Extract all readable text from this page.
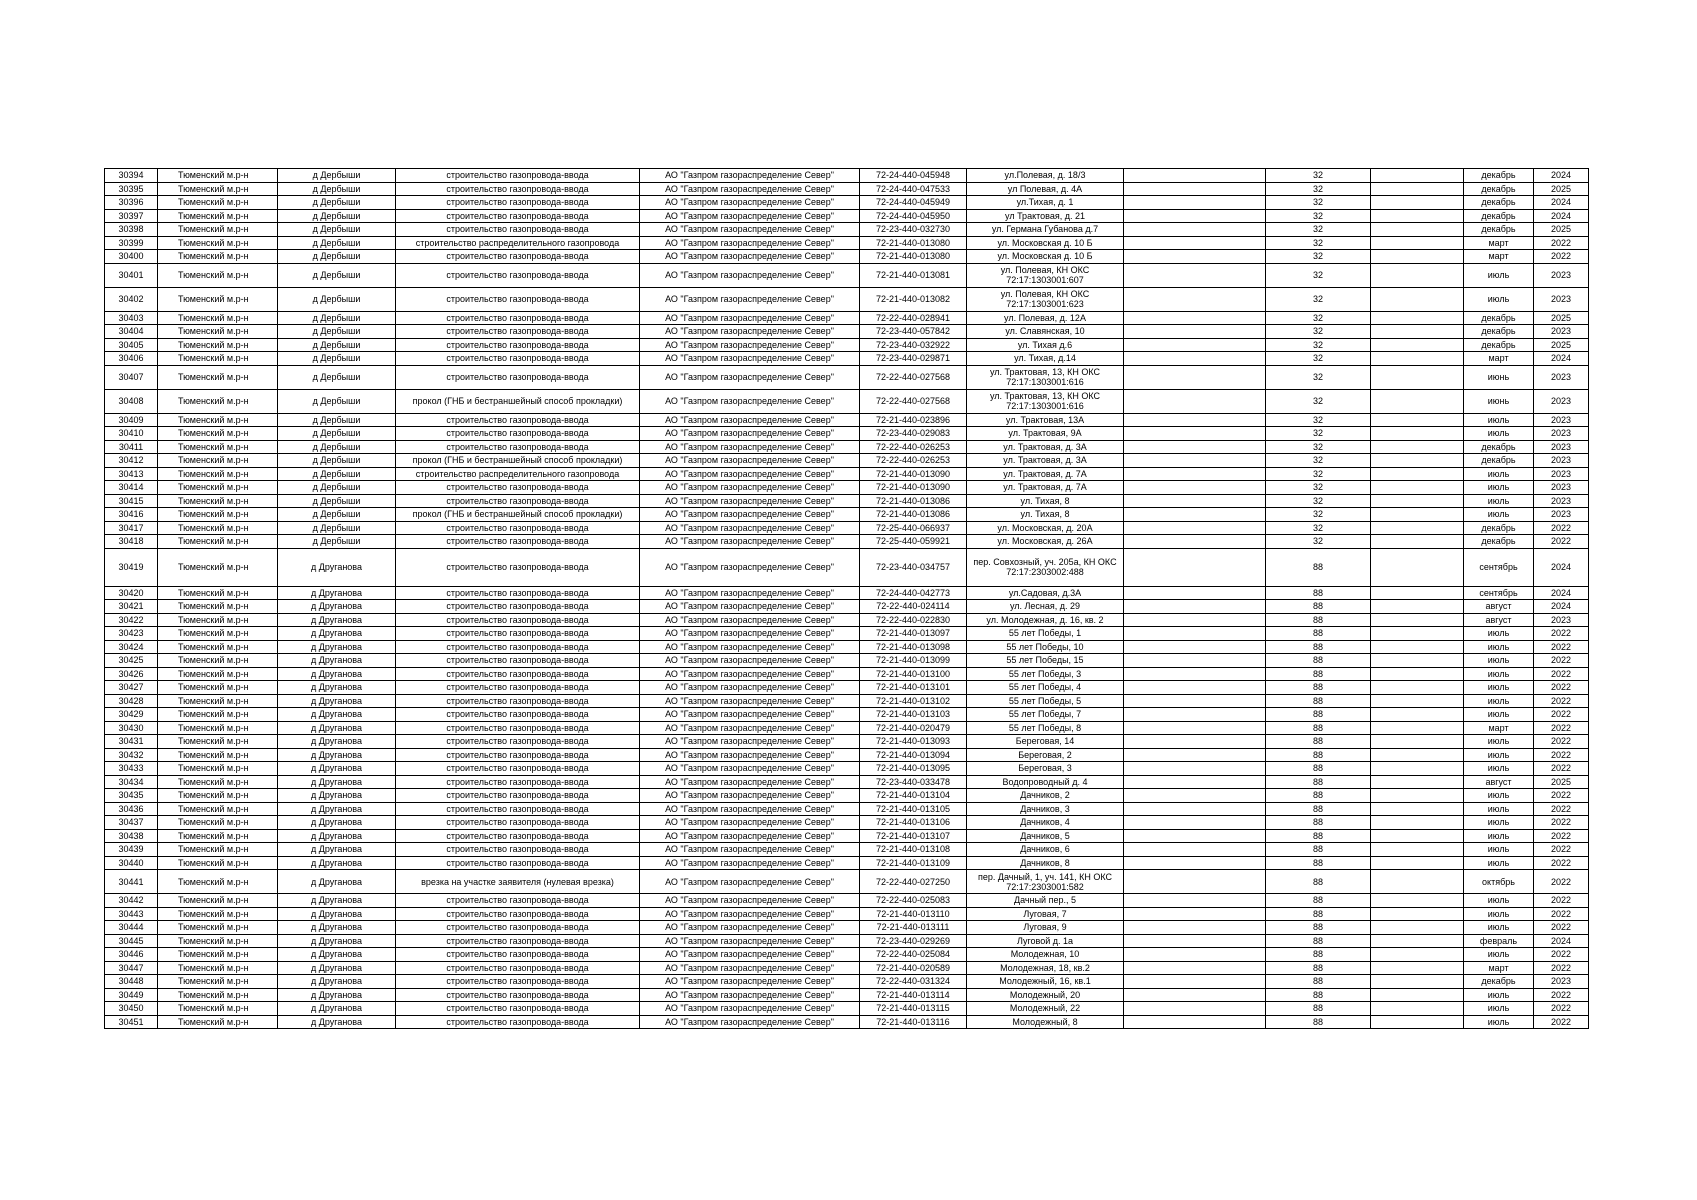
30394	Тюменский м.р-н	д Дербыши	строительство газопровода-ввода	АО "Газпром газораспределение Север"	72-24-440-045948	ул.Полевая, д. 18/3		32		декабрь	2024
30395	Тюменский м.р-н	д Дербыши	строительство газопровода-ввода	АО "Газпром газораспределение Север"	72-24-440-047533	ул Полевая, д. 4А		32		декабрь	2025
30396	Тюменский м.р-н	д Дербыши	строительство газопровода-ввода	АО "Газпром газораспределение Север"	72-24-440-045949	ул.Тихая, д. 1		32		декабрь	2024
30397	Тюменский м.р-н	д Дербыши	строительство газопровода-ввода	АО "Газпром газораспределение Север"	72-24-440-045950	ул Трактовая, д. 21		32		декабрь	2024
30398	Тюменский м.р-н	д Дербыши	строительство газопровода-ввода	АО "Газпром газораспределение Север"	72-23-440-032730	ул. Германа Губанова д.7		32		декабрь	2025
30399	Тюменский м.р-н	д Дербыши	строительство распределительного газопровода	АО "Газпром газораспределение Север"	72-21-440-013080	ул. Московская д. 10 Б		32		март	2022
30400	Тюменский м.р-н	д Дербыши	строительство газопровода-ввода	АО "Газпром газораспределение Север"	72-21-440-013080	ул. Московская д. 10 Б		32		март	2022
30401	Тюменский м.р-н	д Дербыши	строительство газопровода-ввода	АО "Газпром газораспределение Север"	72-21-440-013081	ул. Полевая, КН ОКС 72:17:1303001:607		32		июль	2023
30402	Тюменский м.р-н	д Дербыши	строительство газопровода-ввода	АО "Газпром газораспределение Север"	72-21-440-013082	ул. Полевая, КН ОКС 72:17:1303001:623		32		июль	2023
30403	Тюменский м.р-н	д Дербыши	строительство газопровода-ввода	АО "Газпром газораспределение Север"	72-22-440-028941	ул. Полевая, д. 12А		32		декабрь	2025
30404	Тюменский м.р-н	д Дербыши	строительство газопровода-ввода	АО "Газпром газораспределение Север"	72-23-440-057842	ул. Славянская, 10		32		декабрь	2023
30405	Тюменский м.р-н	д Дербыши	строительство газопровода-ввода	АО "Газпром газораспределение Север"	72-23-440-032922	ул. Тихая д.6		32		декабрь	2025
30406	Тюменский м.р-н	д Дербыши	строительство газопровода-ввода	АО "Газпром газораспределение Север"	72-23-440-029871	ул. Тихая, д.14		32		март	2024
30407	Тюменский м.р-н	д Дербыши	строительство газопровода-ввода	АО "Газпром газораспределение Север"	72-22-440-027568	ул. Трактовая, 13, КН ОКС 72:17:1303001:616		32		июнь	2023
30408	Тюменский м.р-н	д Дербыши	прокол (ГНБ и бестраншейный способ прокладки)	АО "Газпром газораспределение Север"	72-22-440-027568	ул. Трактовая, 13, КН ОКС 72:17:1303001:616		32		июнь	2023
30409	Тюменский м.р-н	д Дербыши	строительство газопровода-ввода	АО "Газпром газораспределение Север"	72-21-440-023896	ул. Трактовая, 13А		32		июль	2023
30410	Тюменский м.р-н	д Дербыши	строительство газопровода-ввода	АО "Газпром газораспределение Север"	72-23-440-029083	ул. Трактовая, 9А		32		июль	2023
30411	Тюменский м.р-н	д Дербыши	строительство газопровода-ввода	АО "Газпром газораспределение Север"	72-22-440-026253	ул. Трактовая, д. 3А		32		декабрь	2023
30412	Тюменский м.р-н	д Дербыши	прокол (ГНБ и бестраншейный способ прокладки)	АО "Газпром газораспределение Север"	72-22-440-026253	ул. Трактовая, д. 3А		32		декабрь	2023
30413	Тюменский м.р-н	д Дербыши	строительство распределительного газопровода	АО "Газпром газораспределение Север"	72-21-440-013090	ул. Трактовая, д. 7А		32		июль	2023
30414	Тюменский м.р-н	д Дербыши	строительство газопровода-ввода	АО "Газпром газораспределение Север"	72-21-440-013090	ул. Трактовая, д. 7А		32		июль	2023
30415	Тюменский м.р-н	д Дербыши	строительство газопровода-ввода	АО "Газпром газораспределение Север"	72-21-440-013086	ул. Тихая, 8		32		июль	2023
30416	Тюменский м.р-н	д Дербыши	прокол (ГНБ и бестраншейный способ прокладки)	АО "Газпром газораспределение Север"	72-21-440-013086	ул. Тихая, 8		32		июль	2023
30417	Тюменский м.р-н	д Дербыши	строительство газопровода-ввода	АО "Газпром газораспределение Север"	72-25-440-066937	ул. Московская, д. 20А		32		декабрь	2022
30418	Тюменский м.р-н	д Дербыши	строительство газопровода-ввода	АО "Газпром газораспределение Север"	72-25-440-059921	ул. Московская, д. 26А		32		декабрь	2022
30419	Тюменский м.р-н	д Друганова	строительство газопровода-ввода	АО "Газпром газораспределение Север"	72-23-440-034757	пер. Совхозный, уч. 205а, КН ОКС 72:17:2303002:488		88		сентябрь	2024
30420	Тюменский м.р-н	д Друганова	строительство газопровода-ввода	АО "Газпром газораспределение Север"	72-24-440-042773	ул.Садовая, д.3А		88		сентябрь	2024
30421	Тюменский м.р-н	д Друганова	строительство газопровода-ввода	АО "Газпром газораспределение Север"	72-22-440-024114	ул. Лесная, д. 29		88		август	2024
30422	Тюменский м.р-н	д Друганова	строительство газопровода-ввода	АО "Газпром газораспределение Север"	72-22-440-022830	ул. Молодежная, д. 16, кв. 2		88		август	2023
30423	Тюменский м.р-н	д Друганова	строительство газопровода-ввода	АО "Газпром газораспределение Север"	72-21-440-013097	55 лет Победы, 1		88		июль	2022
30424	Тюменский м.р-н	д Друганова	строительство газопровода-ввода	АО "Газпром газораспределение Север"	72-21-440-013098	55 лет Победы, 10		88		июль	2022
30425	Тюменский м.р-н	д Друганова	строительство газопровода-ввода	АО "Газпром газораспределение Север"	72-21-440-013099	55 лет Победы, 15		88		июль	2022
30426	Тюменский м.р-н	д Друганова	строительство газопровода-ввода	АО "Газпром газораспределение Север"	72-21-440-013100	55 лет Победы, 3		88		июль	2022
30427	Тюменский м.р-н	д Друганова	строительство газопровода-ввода	АО "Газпром газораспределение Север"	72-21-440-013101	55 лет Победы, 4		88		июль	2022
30428	Тюменский м.р-н	д Друганова	строительство газопровода-ввода	АО "Газпром газораспределение Север"	72-21-440-013102	55 лет Победы, 5		88		июль	2022
30429	Тюменский м.р-н	д Друганова	строительство газопровода-ввода	АО "Газпром газораспределение Север"	72-21-440-013103	55 лет Победы, 7		88		июль	2022
30430	Тюменский м.р-н	д Друганова	строительство газопровода-ввода	АО "Газпром газораспределение Север"	72-21-440-020479	55 лет Победы, 8		88		март	2022
30431	Тюменский м.р-н	д Друганова	строительство газопровода-ввода	АО "Газпром газораспределение Север"	72-21-440-013093	Береговая, 14		88		июль	2022
30432	Тюменский м.р-н	д Друганова	строительство газопровода-ввода	АО "Газпром газораспределение Север"	72-21-440-013094	Береговая, 2		88		июль	2022
30433	Тюменский м.р-н	д Друганова	строительство газопровода-ввода	АО "Газпром газораспределение Север"	72-21-440-013095	Береговая, 3		88		июль	2022
30434	Тюменский м.р-н	д Друганова	строительство газопровода-ввода	АО "Газпром газораспределение Север"	72-23-440-033478	Водопроводный д. 4		88		август	2025
30435	Тюменский м.р-н	д Друганова	строительство газопровода-ввода	АО "Газпром газораспределение Север"	72-21-440-013104	Дачников, 2		88		июль	2022
30436	Тюменский м.р-н	д Друганова	строительство газопровода-ввода	АО "Газпром газораспределение Север"	72-21-440-013105	Дачников, 3		88		июль	2022
30437	Тюменский м.р-н	д Друганова	строительство газопровода-ввода	АО "Газпром газораспределение Север"	72-21-440-013106	Дачников, 4		88		июль	2022
30438	Тюменский м.р-н	д Друганова	строительство газопровода-ввода	АО "Газпром газораспределение Север"	72-21-440-013107	Дачников, 5		88		июль	2022
30439	Тюменский м.р-н	д Друганова	строительство газопровода-ввода	АО "Газпром газораспределение Север"	72-21-440-013108	Дачников, 6		88		июль	2022
30440	Тюменский м.р-н	д Друганова	строительство газопровода-ввода	АО "Газпром газораспределение Север"	72-21-440-013109	Дачников, 8		88		июль	2022
30441	Тюменский м.р-н	д Друганова	врезка на участке заявителя (нулевая врезка)	АО "Газпром газораспределение Север"	72-22-440-027250	пер. Дачный, 1, уч. 141, КН ОКС 72:17:2303001:582		88		октябрь	2022
30442	Тюменский м.р-н	д Друганова	строительство газопровода-ввода	АО "Газпром газораспределение Север"	72-22-440-025083	Дачный пер., 5		88		июль	2022
30443	Тюменский м.р-н	д Друганова	строительство газопровода-ввода	АО "Газпром газораспределение Север"	72-21-440-013110	Луговая, 7		88		июль	2022
30444	Тюменский м.р-н	д Друганова	строительство газопровода-ввода	АО "Газпром газораспределение Север"	72-21-440-013111	Луговая, 9		88		июль	2022
30445	Тюменский м.р-н	д Друганова	строительство газопровода-ввода	АО "Газпром газораспределение Север"	72-23-440-029269	Луговой д. 1а		88		февраль	2024
30446	Тюменский м.р-н	д Друганова	строительство газопровода-ввода	АО "Газпром газораспределение Север"	72-22-440-025084	Молодежная, 10		88		июль	2022
30447	Тюменский м.р-н	д Друганова	строительство газопровода-ввода	АО "Газпром газораспределение Север"	72-21-440-020589	Молодежная, 18, кв.2		88		март	2022
30448	Тюменский м.р-н	д Друганова	строительство газопровода-ввода	АО "Газпром газораспределение Север"	72-22-440-031324	Молодежный, 16, кв.1		88		декабрь	2023
30449	Тюменский м.р-н	д Друганова	строительство газопровода-ввода	АО "Газпром газораспределение Север"	72-21-440-013114	Молодежный, 20		88		июль	2022
30450	Тюменский м.р-н	д Друганова	строительство газопровода-ввода	АО "Газпром газораспределение Север"	72-21-440-013115	Молодежный, 22		88		июль	2022
30451	Тюменский м.р-н	д Друганова	строительство газопровода-ввода	АО "Газпром газораспределение Север"	72-21-440-013116	Молодежный, 8		88		июль	2022
